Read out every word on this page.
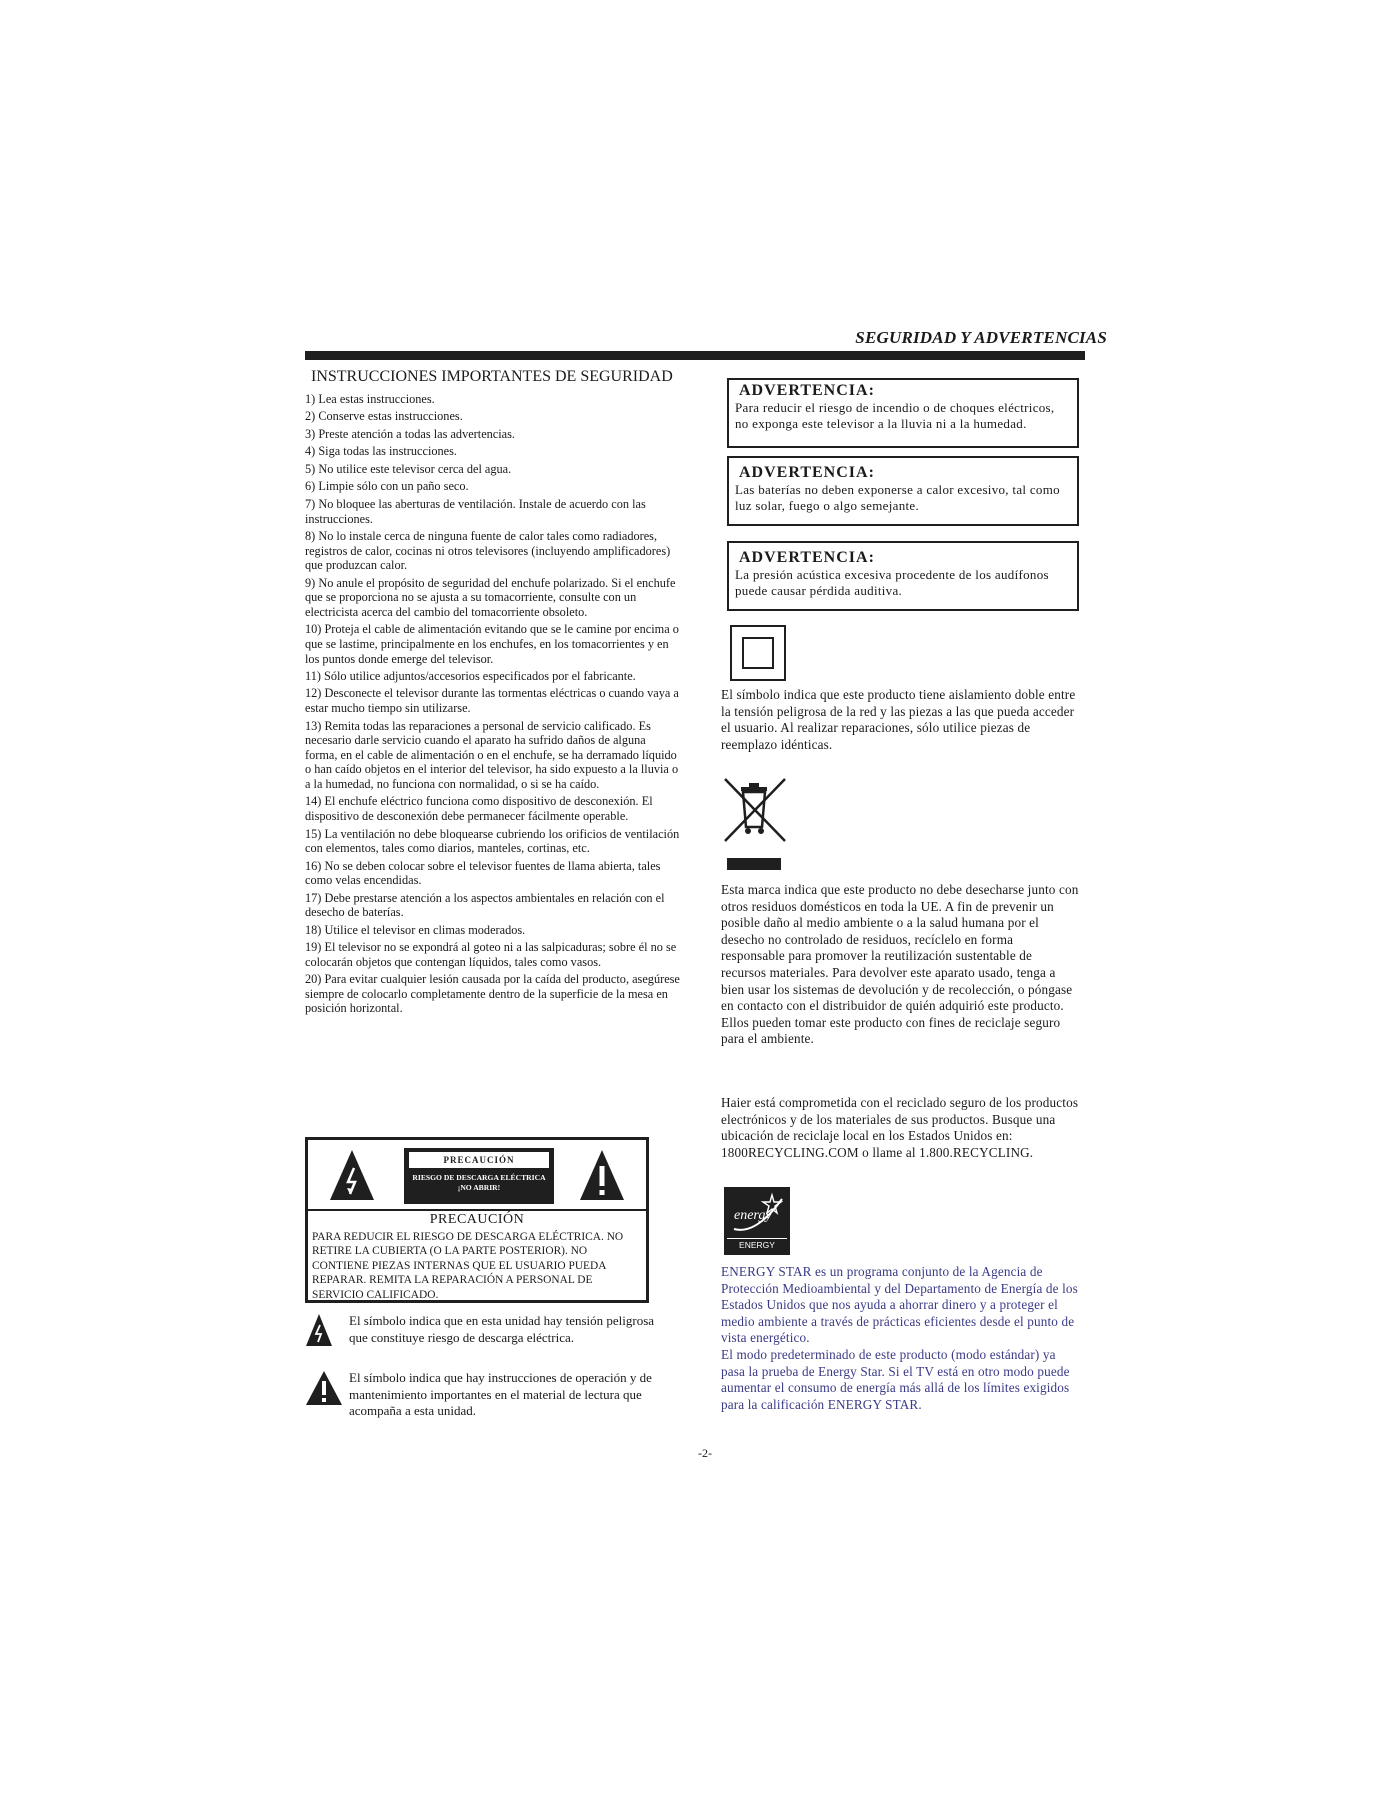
SEGURIDAD Y ADVERTENCIAS
INSTRUCCIONES IMPORTANTES DE SEGURIDAD
1) Lea estas instrucciones.
2) Conserve estas instrucciones.
3) Preste atención a todas las advertencias.
4) Siga todas las instrucciones.
5) No utilice este televisor cerca del agua.
6) Limpie sólo con un paño seco.
7) No bloquee las aberturas de ventilación. Instale de acuerdo con las instrucciones.
8) No lo instale cerca de ninguna fuente de calor tales como radiadores, registros de calor, cocinas ni otros televisores (incluyendo amplificadores) que produzcan calor.
9) No anule el propósito de seguridad del enchufe polarizado. Si el enchufe que se proporciona no se ajusta a su tomacorriente, consulte con un electricista acerca del cambio del tomacorriente obsoleto.
10) Proteja el cable de alimentación evitando que se le camine por encima o que se lastime, principalmente en los enchufes, en los tomacorrientes y en los puntos donde emerge del televisor.
11) Sólo utilice adjuntos/accesorios especificados por el fabricante.
12) Desconecte el televisor durante las tormentas eléctricas o cuando vaya a estar mucho tiempo sin utilizarse.
13) Remita todas las reparaciones a personal de servicio calificado. Es necesario darle servicio cuando el aparato ha sufrido daños de alguna forma, en el cable de alimentación o en el enchufe, se ha derramado líquido o han caído objetos en el interior del televisor, ha sido expuesto a la lluvia o a la humedad, no funciona con normalidad, o si se ha caído.
14) El enchufe eléctrico funciona como dispositivo de desconexión. El dispositivo de desconexión debe permanecer fácilmente operable.
15) La ventilación no debe bloquearse cubriendo los orificios de ventilación con elementos, tales como diarios, manteles, cortinas, etc.
16) No se deben colocar sobre el televisor fuentes de llama abierta, tales como velas encendidas.
17) Debe prestarse atención a los aspectos ambientales en relación con el desecho de baterías.
18) Utilice el televisor en climas moderados.
19) El televisor no se expondrá al goteo ni a las salpicaduras; sobre él no se colocarán objetos que contengan líquidos, tales como vasos.
20) Para evitar cualquier lesión causada por la caída del producto, asegúrese siempre de colocarlo completamente dentro de la superficie de la mesa en posición horizontal.
PRECAUCIÓN
RIESGO DE DESCARGA ELÉCTRICA
¡NO ABRIR!
PRECAUCIÓN
PARA REDUCIR EL RIESGO DE DESCARGA ELÉCTRICA. NO RETIRE LA CUBIERTA (O LA PARTE POSTERIOR). NO CONTIENE PIEZAS INTERNAS QUE EL USUARIO PUEDA REPARAR. REMITA LA REPARACIÓN A PERSONAL DE SERVICIO CALIFICADO.

El símbolo indica que en esta unidad hay tensión peligrosa que constituye riesgo de descarga eléctrica.

El símbolo indica que hay instrucciones de operación y de mantenimiento importantes en el material de lectura que acompaña a esta unidad.

ADVERTENCIA:
Para reducir el riesgo de incendio o de choques eléctricos, no exponga este televisor a la lluvia ni a la humedad.
ADVERTENCIA:
Las baterías no deben exponerse a calor excesivo, tal como luz solar, fuego o algo semejante.
ADVERTENCIA:
La presión acústica excesiva procedente de los audífonos puede causar pérdida auditiva.

El símbolo indica que este producto tiene aislamiento doble entre la tensión peligrosa de la red y las piezas a las que pueda acceder el usuario. Al realizar reparaciones, sólo utilice piezas de reemplazo idénticas.

Esta marca indica que este producto no debe desecharse junto con otros residuos domésticos en toda la UE. A fin de prevenir un posible daño al medio ambiente o a la salud humana por el desecho no controlado de residuos, recíclelo en forma responsable para promover la reutilización sustentable de recursos materiales. Para devolver este aparato usado, tenga a bien usar los sistemas de devolución y de recolección, o póngase en contacto con el distribuidor de quién adquirió este producto. Ellos pueden tomar este producto con fines de reciclaje seguro para el ambiente.

Haier está comprometida con el reciclado seguro de los productos electrónicos y de los materiales de sus productos. Busque una ubicación de reciclaje local en los Estados Unidos en: 1800RECYCLING.COM o llame al 1.800.RECYCLING.

energy
ENERGY STAR
ENERGY STAR es un programa conjunto de la Agencia de Protección Medioambiental y del Departamento de Energía de los Estados Unidos que nos ayuda a ahorrar dinero y a proteger el medio ambiente a través de prácticas eficientes desde el punto de vista energético.
El modo predeterminado de este producto (modo estándar) ya pasa la prueba de Energy Star. Si el TV está en otro modo puede aumentar el consumo de energía más allá de los límites exigidos para la calificación ENERGY STAR.
-2-
